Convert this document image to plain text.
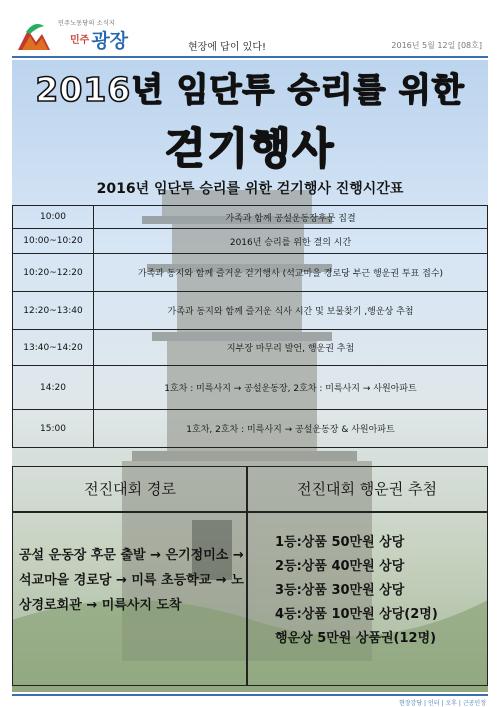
민주노동당의 소식지
$^{민주}$ 광장	현장에 답이 있다!	2016년 5월 12일 [08호]
2016년 임단투 승리를 위한
걷기행사
2016년 임단투 승리를 위한 걷기행사 진행시간표
10:00	가족과 함께 공설운동장후문 집결
10:00~10:20	2016년 승리를 위한 결의 시간
10:20~12:20	가족과 동지와 함께 즐거운 걷기행사 (석교마을 경로당 부근 행운권 투표 접수)
12:20~13:40	가족과 동지와 함께 즐거운 식사 시간 및 보물찾기 ,행운상 추첨
13:40~14:20	지부장 마무리 발언, 행운권 추첨
14:20	1호차 : 미륵사지 → 공설운동장, 2호차 : 미륵사지 → 사원아파트
15:00	1호차, 2호차 : 미륵사지 → 공설운동장 & 사원아파트
전진대회 경로	전진대회 행운권 추첨
공설 운동장 후문 출발 → 은기정미소 → 석교마을 경로당 → 미륵 초등학교 → 노상경로회관 → 미륵사지 도착
1등:상품 50만원 상당
2등:상품 40만원 상당
3등:상품 30만원 상당
4등:상품 10만원 상당(2명)
행운상 5만원 상품권(12명)
현장강당 | 인터 | 오후 | 근공인정
